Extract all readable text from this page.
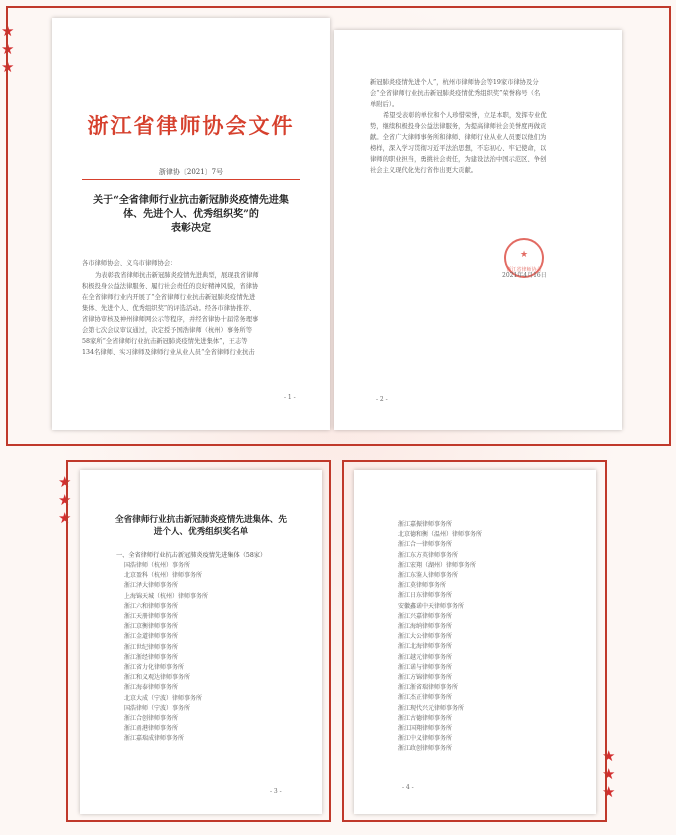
★
★
★
★
★
★
★
★
★
浙江省律师协会文件
浙律协〔2021〕7号
关于“全省律师行业抗击新冠肺炎疫情先进集
体、先进个人、优秀组织奖”的
表彰决定
各市律师协会、义乌市律师协会：

为表彰我省律师抗击新冠肺炎疫情先进典型，展现我省律师

积极投身公益法律服务、履行社会责任的良好精神风貌，省律协

在全省律师行业内开展了“全省律师行业抗击新冠肺炎疫情先进

集体、先进个人、优秀组织奖”的评选活动。经各市律协推荐、

省律协审核及神州律师网公示等程序，并经省律协十届常务理事

会第七次会议审议通过，决定授予国浩律师（杭州）事务所等

58家所“全省律师行业抗击新冠肺炎疫情先进集体”，王志等

134名律师、实习律师及律师行业从业人员“全省律师行业抗击

- 1 -

新冠肺炎疫情先进个人”，杭州市律师协会等19家市律协及分

会“全省律师行业抗击新冠肺炎疫情优秀组织奖”荣誉称号（名

单附后）。

希望受表彰的单位和个人珍惜荣誉，立足本职，发挥专业优

势，继续积极投身公益法律服务，为提高律师社会美誉度再做贡

献。全省广大律师事务所和律师、律师行业从业人员要以他们为

榜样，深入学习贯彻习近平法治思想，不忘初心、牢记使命，以

律师的职业担当，勇挑社会责任，为建设法治中国示范区、争创

社会主义现代化先行省作出更大贡献。

★
浙江省律师协会
2021年4月16日
- 2 -
全省律师行业抗击新冠肺炎疫情先进集体、先
进个人、优秀组织奖名单
一、全省律师行业抗击新冠肺炎疫情先进集体（58家）
国浩律师（杭州）事务所
北京盈科（杭州）律师事务所
浙江泽大律师事务所
上海锦天城（杭州）律师事务所
浙江六和律师事务所
浙江天册律师事务所
浙江京衡律师事务所
浙江金道律师事务所
浙江世纪律师事务所
浙江浙经律师事务所
浙江省力化律师事务所
浙江和义观达律师事务所
浙江海泰律师事务所
北京大成（宁波）律师事务所
国浩律师（宁波）事务所
浙江合创律师事务所
浙江甬港律师事务所
浙江嘉瑞成律师事务所
- 3 -
浙江嘉振律师事务所
北京德和衡（温州）律师事务所
浙江合一律师事务所
浙江东方英律师事务所
浙江宏翔（湖州）律师事务所
浙江东鉴人律师事务所
浙江莫律师事务所
浙江日东律师事务所
安徽鑫诺中天律师事务所
浙江兴嘉律师事务所
浙江海纳律师事务所
浙江大公律师事务所
浙江北海律师事务所
浙江越元律师事务所
浙江诺与律师事务所
浙江方锦律师事务所
浙江浙省瑞律师事务所
浙江杰正律师事务所
浙江现代兴元律师事务所
浙江古德律师事务所
浙江国翔律师事务所
浙江中义律师事务所
浙江政创律师事务所
- 4 -
